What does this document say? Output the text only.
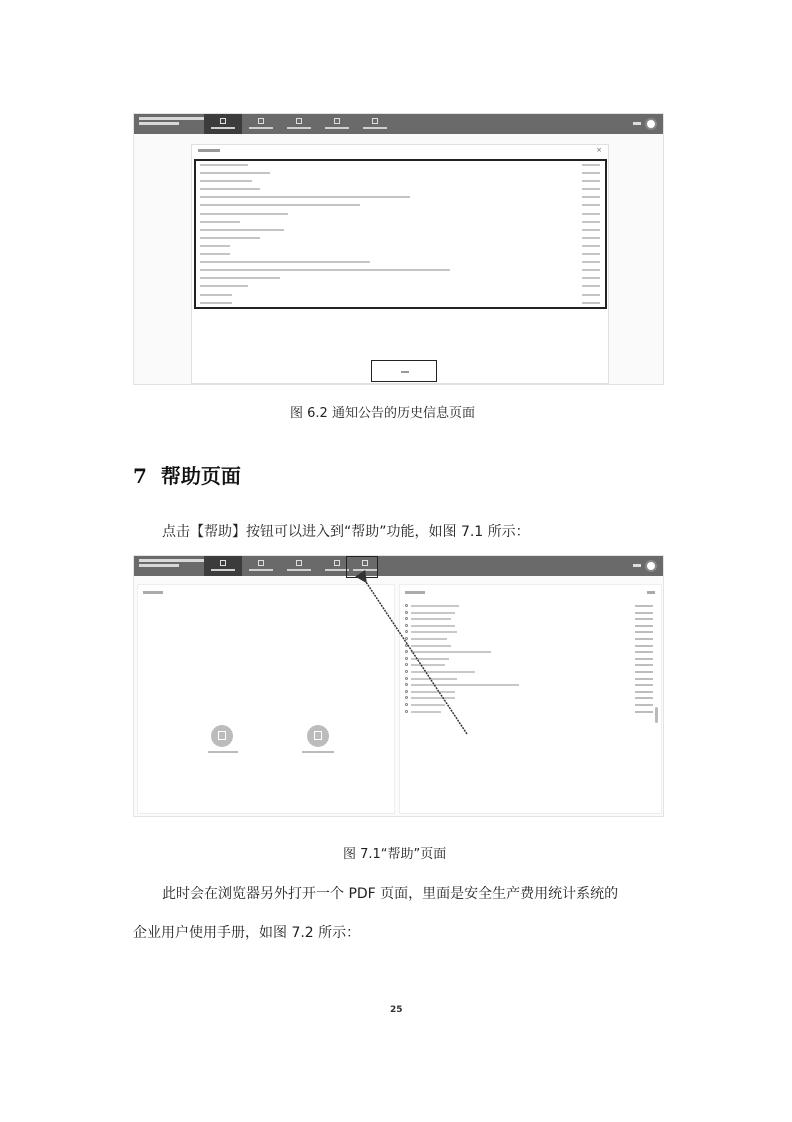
×
图 6.2 通知公告的历史信息页面
7 帮助页面
点击【帮助】按钮可以进入到“帮助”功能，如图 7.1 所示：
图 7.1“帮助”页面
此时会在浏览器另外打开一个 PDF 页面，里面是安全生产费用统计系统的
企业用户使用手册，如图 7.2 所示：
25
